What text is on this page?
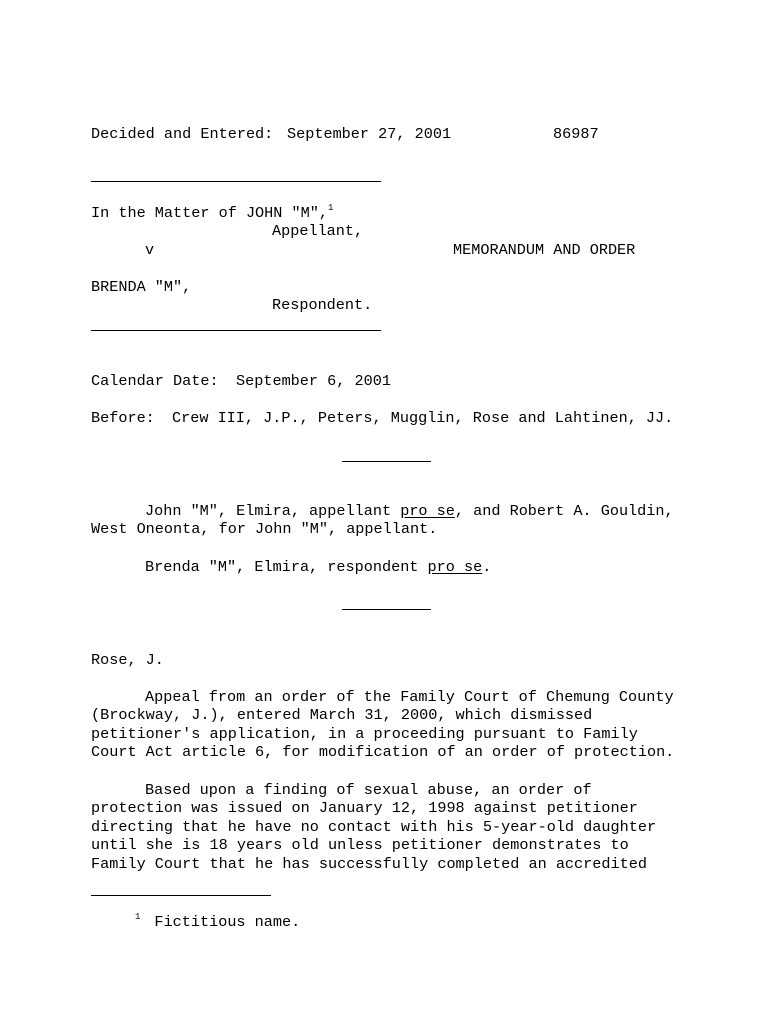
Decided and Entered: September 27, 2001	86987
In the Matter of JOHN "M",$^1$
Appellant,
v	MEMORANDUM AND ORDER
BRENDA "M",
Respondent.
Calendar Date: September 6, 2001
Before: Crew III, J.P., Peters, Mugglin, Rose and Lahtinen, JJ.
John "M", Elmira, appellant pro se, and Robert A. Gouldin,
West Oneonta, for John "M", appellant.
Brenda "M", Elmira, respondent pro se.
Rose, J.
Appeal from an order of the Family Court of Chemung County
(Brockway, J.), entered March 31, 2000, which dismissed
petitioner's application, in a proceeding pursuant to Family
Court Act article 6, for modification of an order of protection.
Based upon a finding of sexual abuse, an order of
protection was issued on January 12, 1998 against petitioner
directing that he have no contact with his 5-year-old daughter
until she is 18 years old unless petitioner demonstrates to
Family Court that he has successfully completed an accredited
$^1$ Fictitious name.
